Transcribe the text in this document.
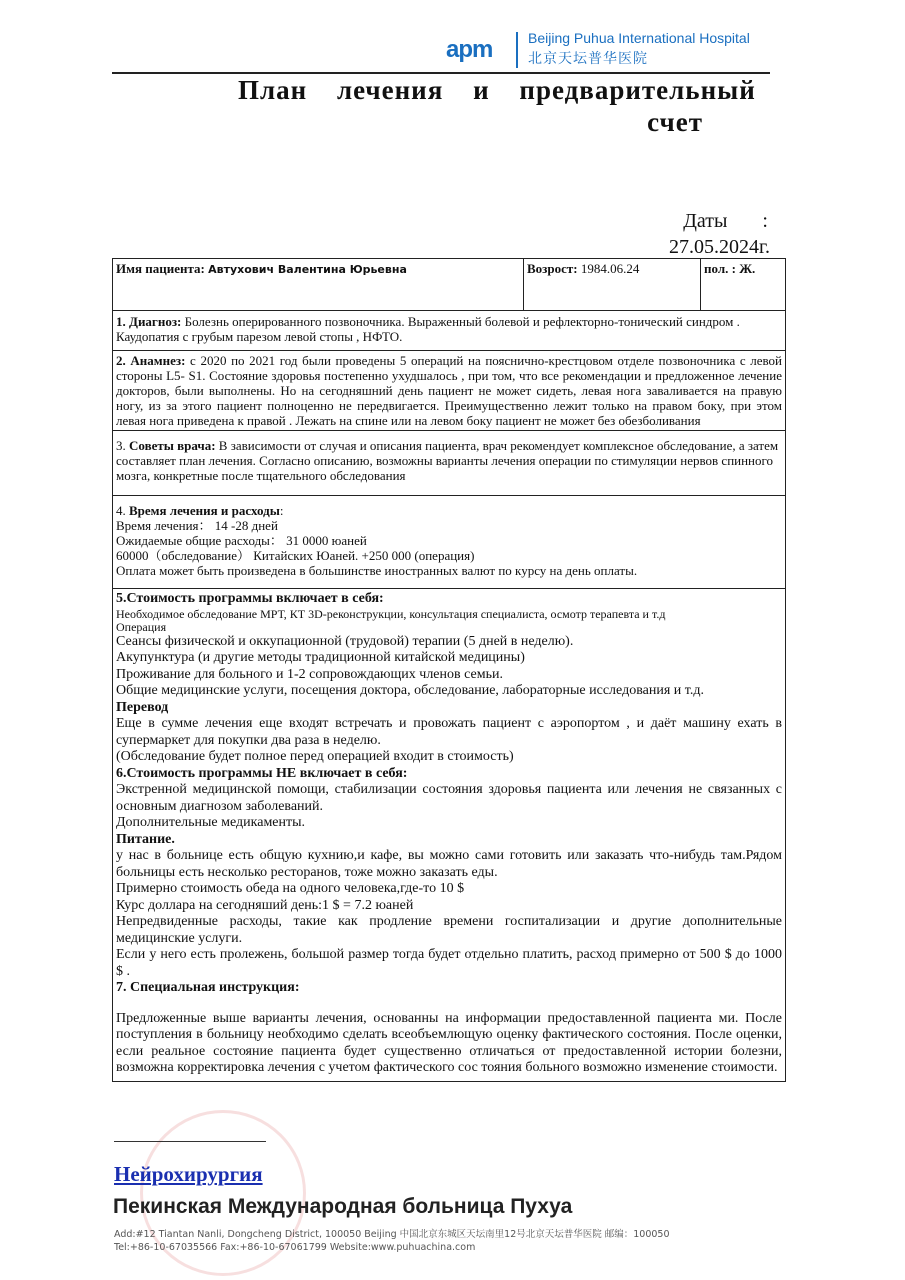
apm	Beijing Puhua International Hospital
北京天坛普华医院
План лечения и предварительный
счет
Даты :
27.05.2024г.
Имя пациента: Автухович Валентина Юрьевна	Возрост: 1984.06.24	пол. : Ж.
1. Диагноз: Болезнь оперированного позвоночника. Выраженный болевой и рефлекторно-тонический синдром . Каудопатия с грубым парезом левой стопы , НФТО.
2. Анамнез: с 2020 по 2021 год были проведены 5 операций на пояснично-крестцовом отделе позвоночника с левой стороны L5- S1. Состояние здоровья постепенно ухудшалось , при том, что все рекомендации и предложенное лечение докторов, были выполнены. Но на сегодняшний день пациент не может сидеть, левая нога заваливается на правую ногу, из за этого пациент полноценно не передвигается. Преимущественно лежит только на правом боку, при этом левая нога приведена к правой . Лежать на спине или на левом боку пациент не может без обезболивания
3. Советы врача: В зависимости от случая и описания пациента, врач рекомендует комплексное обследование, а затем составляет план лечения. Согласно описанию, возможны варианты лечения операции по стимуляции нервов спинного мозга, конкретные после тщательного обследования

4. Время лечения и расходы:
Время лечения： 14 -28 дней
Ожидаемые общие расходы： 31 0000 юаней
60000（обследование） Китайских Юаней. +250 000 (операция)
Оплата может быть произведена в большинстве иностранных валют по курсу на день оплаты.

5.Стоимость программы включает в себя:
Необходимое обследование МРТ, КТ 3D-реконструкции, консультация специалиста, осмотр терапевта и т.д
Операция
Сеансы физической и оккупационной (трудовой) терапии (5 дней в неделю).
Акупунктура (и другие методы традиционной китайской медицины)
Проживание для больного и 1-2 сопровождающих членов семьи.
Общие медицинские услуги, посещения доктора, обследование, лабораторные исследования и т.д.
Перевод
Еще в сумме лечения еще входят встречать и провожать пациент с аэропортом , и даёт машину ехать в супермаркет для покупки два раза в неделю.
(Обследование будет полное перед операцией входит в стоимость)
6.Стоимость программы НЕ включает в себя:
Экстренной медицинской помощи, стабилизации состояния здоровья пациента или лечения не связанных с основным диагнозом заболеваний.
Дополнительные медикаменты.
Питание.
у нас в больнице есть общую кухнию,и кафе, вы можно сами готовить или заказать что-нибудь там.Рядом больницы есть несколько ресторанов, тоже можно заказать еды.
Примерно стоимость обеда на одного человека,где-то 10 $
Курс доллара на сегодняший день:1 $ = 7.2 юаней
Непредвиденные расходы, такие как продление времени госпитализации и другие дополнительные медицинские услуги.
Если у него есть пролежень, большой размер тогда будет отдельно платить, расход примерно от 500 $ до 1000 $ .
7. Специальная инструкция:
Предложенные выше варианты лечения, основанны на информации предоставленной пациента ми. После поступления в больницу необходимо сделать всеобъемлющую оценку фактического состояния. После оценки, если реальное состояние пациента будет существенно отличаться от предоставленной истории болезни, возможна корректировка лечения с учетом фактического сос тояния больного возможно изменение стоимости.
Нейрохирургия
Пекинская Международная больница Пухуа
Add:#12 Tiantan Nanli, Dongcheng District, 100050 Beijing 中国北京东城区天坛南里12号北京天坛普华医院 邮编：100050
Tel:+86-10-67035566 Fax:+86-10-67061799 Website:www.puhuachina.com
